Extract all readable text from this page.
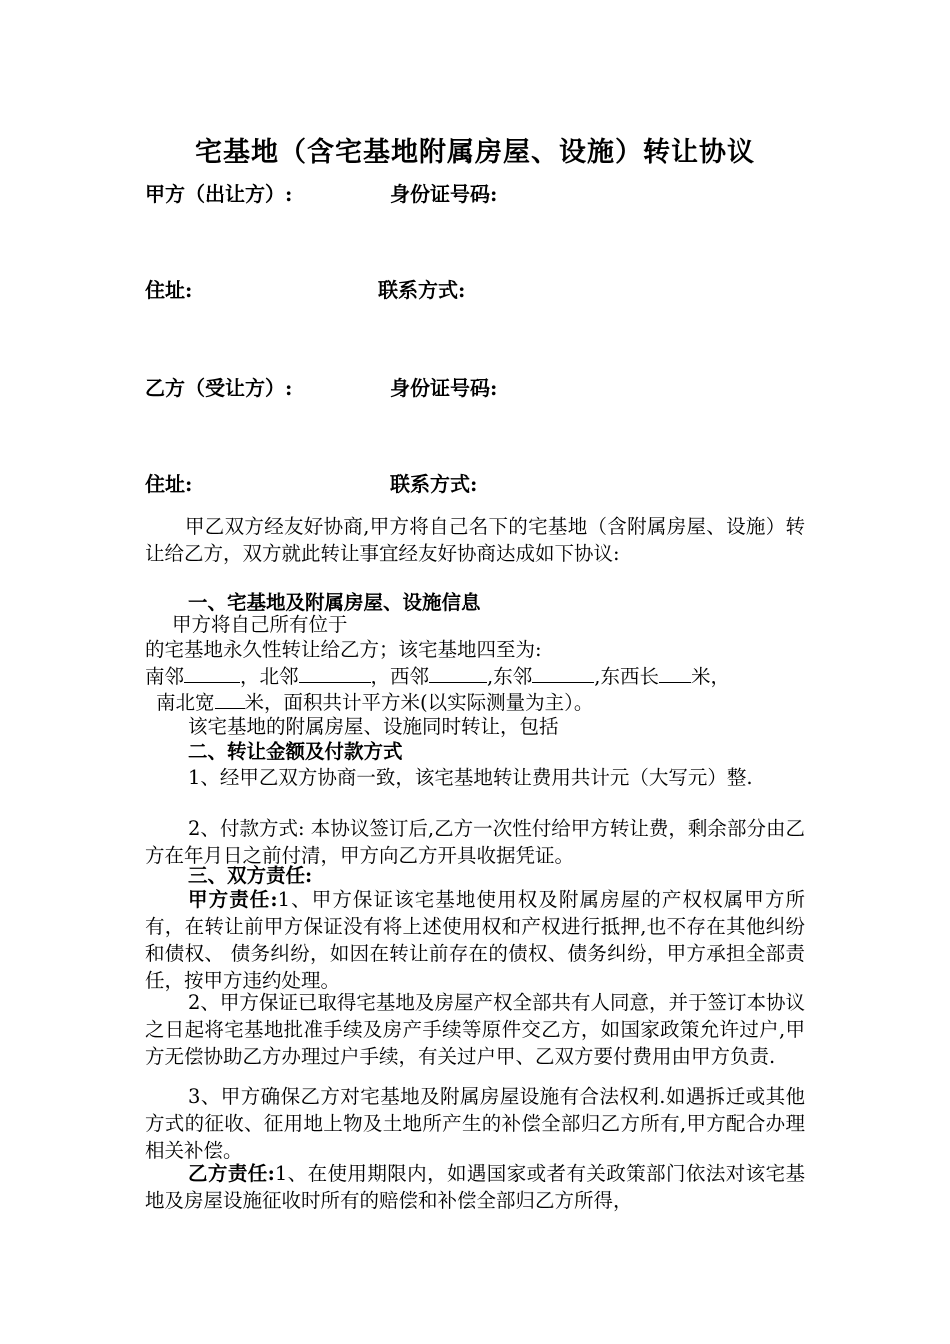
宅基地（含宅基地附属房屋、设施）转让协议
甲方（出让方）:	身份证号码:
住址:	联系方式:
乙方（受让方）:	身份证号码:
住址:	联系方式:
甲乙双方经友好协商,甲方将自己名下的宅基地（含附属房屋、设施）转让给乙方，双方就此转让事宜经友好协商达成如下协议:
一、宅基地及附属房屋、设施信息
甲方将自己所有位于
的宅基地永久性转让给乙方；该宅基地四至为:
南邻	，北邻	，西邻	,东邻	,东西长 米，
南北宽 米，面积共计平方米(以实际测量为主）。
该宅基地的附属房屋、设施同时转让，包括
二、转让金额及付款方式
1、经甲乙双方协商一致，该宅基地转让费用共计元（大写元）整.
2、付款方式: 本协议签订后,乙方一次性付给甲方转让费，剩余部分由乙方在年月日之前付清，甲方向乙方开具收据凭证。
三、双方责任:
甲方责任:1、甲方保证该宅基地使用权及附属房屋的产权权属甲方所有，在转让前甲方保证没有将上述使用权和产权进行抵押,也不存在其他纠纷和债权、 债务纠纷，如因在转让前存在的债权、债务纠纷，甲方承担全部责任，按甲方违约处理。
2、甲方保证已取得宅基地及房屋产权全部共有人同意，并于签订本协议之日起将宅基地批准手续及房产手续等原件交乙方，如国家政策允许过户,甲方无偿协助乙方办理过户手续，有关过户甲、乙双方要付费用由甲方负责.
3、甲方确保乙方对宅基地及附属房屋设施有合法权利.如遇拆迁或其他方式的征收、征用地上物及土地所产生的补偿全部归乙方所有,甲方配合办理相关补偿。
乙方责任:1、在使用期限内，如遇国家或者有关政策部门依法对该宅基地及房屋设施征收时所有的赔偿和补偿全部归乙方所得，
